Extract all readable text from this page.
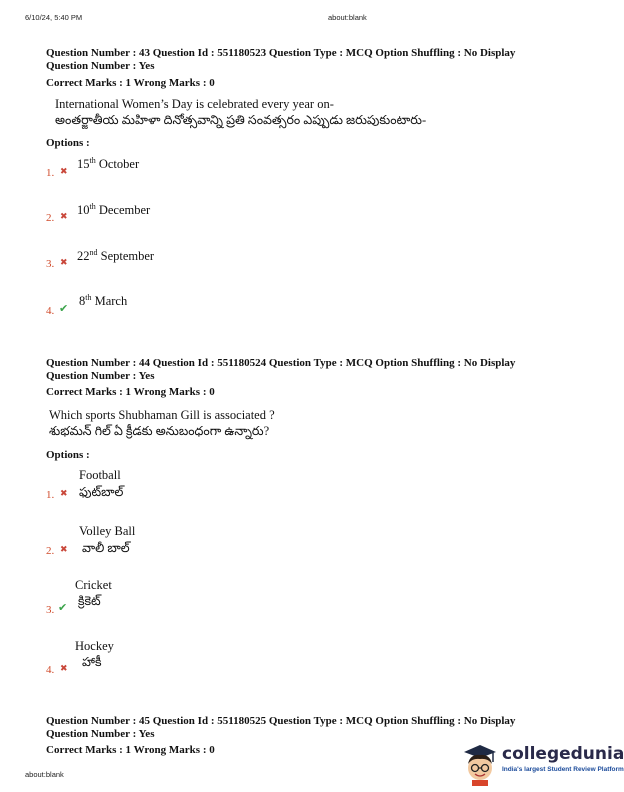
6/10/24, 5:40 PM	about:blank
Question Number : 43 Question Id : 551180523 Question Type : MCQ Option Shuffling : No Display
Question Number : Yes
Correct Marks : 1 Wrong Marks : 0
International Women’s Day is celebrated every year on-
అంతర్జాతీయ మహిళా దినోత్సవాన్ని ప్రతి సంవత్సరం ఎప్పుడు జరుపుకుంటారు-
Options :
1. ✖
15th October
2. ✖ 10th December
3. ✖ 22nd September
4. ✔
8th March
Question Number : 44 Question Id : 551180524 Question Type : MCQ Option Shuffling : No Display
Question Number : Yes
Correct Marks : 1 Wrong Marks : 0
Which sports Shubhaman Gill is associated ?
శుభమన్ గిల్ ఏ క్రీడకు అనుబంధంగా ఉన్నారు?
Options :
1. ✖
Football
ఫుట్‌బాల్
2. ✖
Volley Ball
వాలీ బాల్
3. ✔
Cricket
క్రికెట్
4. ✖
Hockey
హాకీ
Question Number : 45 Question Id : 551180525 Question Type : MCQ Option Shuffling : No Display
Question Number : Yes
Correct Marks : 1 Wrong Marks : 0
about:blank
collegedunia
India's largest Student Review Platform
